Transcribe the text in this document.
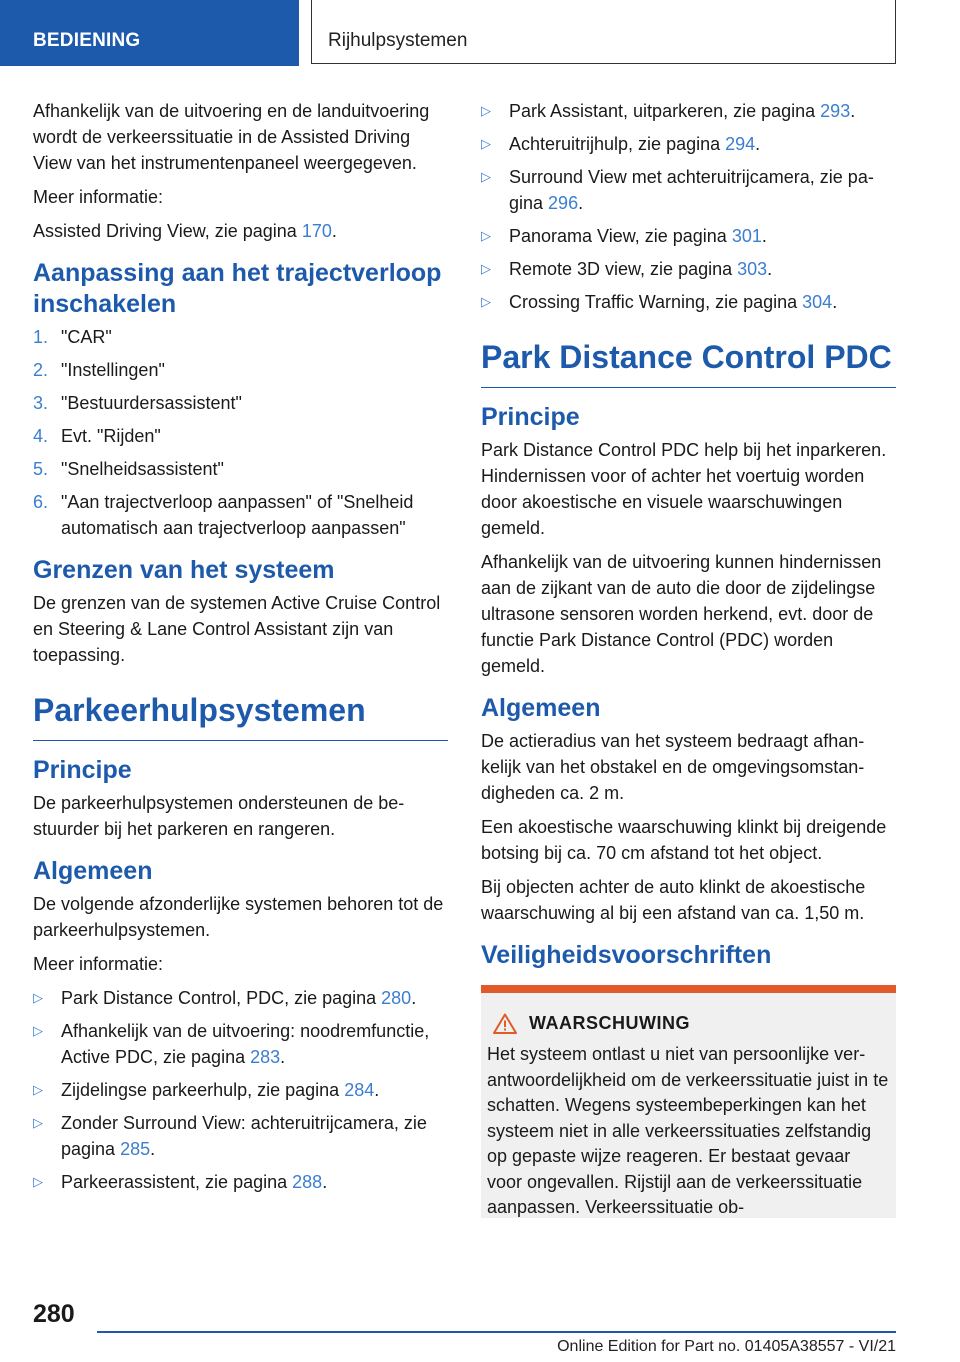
BEDIENING	Rijhulpsystemen

Afhankelijk van de uitvoering en de landuitvoering wordt de verkeerssituatie in de Assisted Driving View van het instrumentenpaneel weergegeven.

Meer informatie:

Assisted Driving View, zie pagina 170.

Aanpassing aan het trajectverloop inschakelen
1. "CAR"
2. "Instellingen"
3. "Bestuurdersassistent"
4. Evt. "Rijden"
5. "Snelheidsassistent"
6. "Aan trajectverloop aanpassen" of "Snelheid automatisch aan trajectverloop aanpassen"
Grenzen van het systeem

De grenzen van de systemen Active Cruise Control en Steering & Lane Control Assistant zijn van toepassing.

Parkeerhulpsystemen
Principe

De parkeerhulpsystemen ondersteunen de bestuurder bij het parkeren en rangeren.

Algemeen

De volgende afzonderlijke systemen behoren tot de parkeerhulpsystemen.

Meer informatie:

▷ Park Distance Control, PDC, zie pagina 280.
▷ Afhankelijk van de uitvoering: noodremfunctie, Active PDC, zie pagina 283.
▷ Zijdelingse parkeerhulp, zie pagina 284.
▷ Zonder Surround View: achteruitrijcamera, zie pagina 285.
▷ Parkeerassistent, zie pagina 288.
▷ Park Assistant, uitparkeren, zie pagina 293.
▷ Achteruitrijhulp, zie pagina 294.
▷ Surround View met achteruitrijcamera, zie pagina 296.
▷ Panorama View, zie pagina 301.
▷ Remote 3D view, zie pagina 303.
▷ Crossing Traffic Warning, zie pagina 304.
Park Distance Control PDC
Principe

Park Distance Control PDC help bij het inparkeren. Hindernissen voor of achter het voertuig worden door akoestische en visuele waarschuwingen gemeld.

Afhankelijk van de uitvoering kunnen hindernissen aan de zijkant van de auto die door de zijdelingse ultrasone sensoren worden herkend, evt. door de functie Park Distance Control (PDC) worden gemeld.

Algemeen

De actieradius van het systeem bedraagt afhankelijk van het obstakel en de omgevingsomstandigheden ca. 2 m.

Een akoestische waarschuwing klinkt bij dreigende botsing bij ca. 70 cm afstand tot het object.

Bij objecten achter de auto klinkt de akoestische waarschuwing al bij een afstand van ca. 1,50 m.

Veiligheidsvoorschriften
WAARSCHUWING

Het systeem ontlast u niet van persoonlijke verantwoordelijkheid om de verkeerssituatie juist in te schatten. Wegens systeembeperkingen kan het systeem niet in alle verkeerssituaties zelfstandig op gepaste wijze reageren. Er bestaat gevaar voor ongevallen. Rijstijl aan de verkeerssituatie aanpassen. Verkeerssituatie ob-

280
Online Edition for Part no. 01405A38557 - VI/21
